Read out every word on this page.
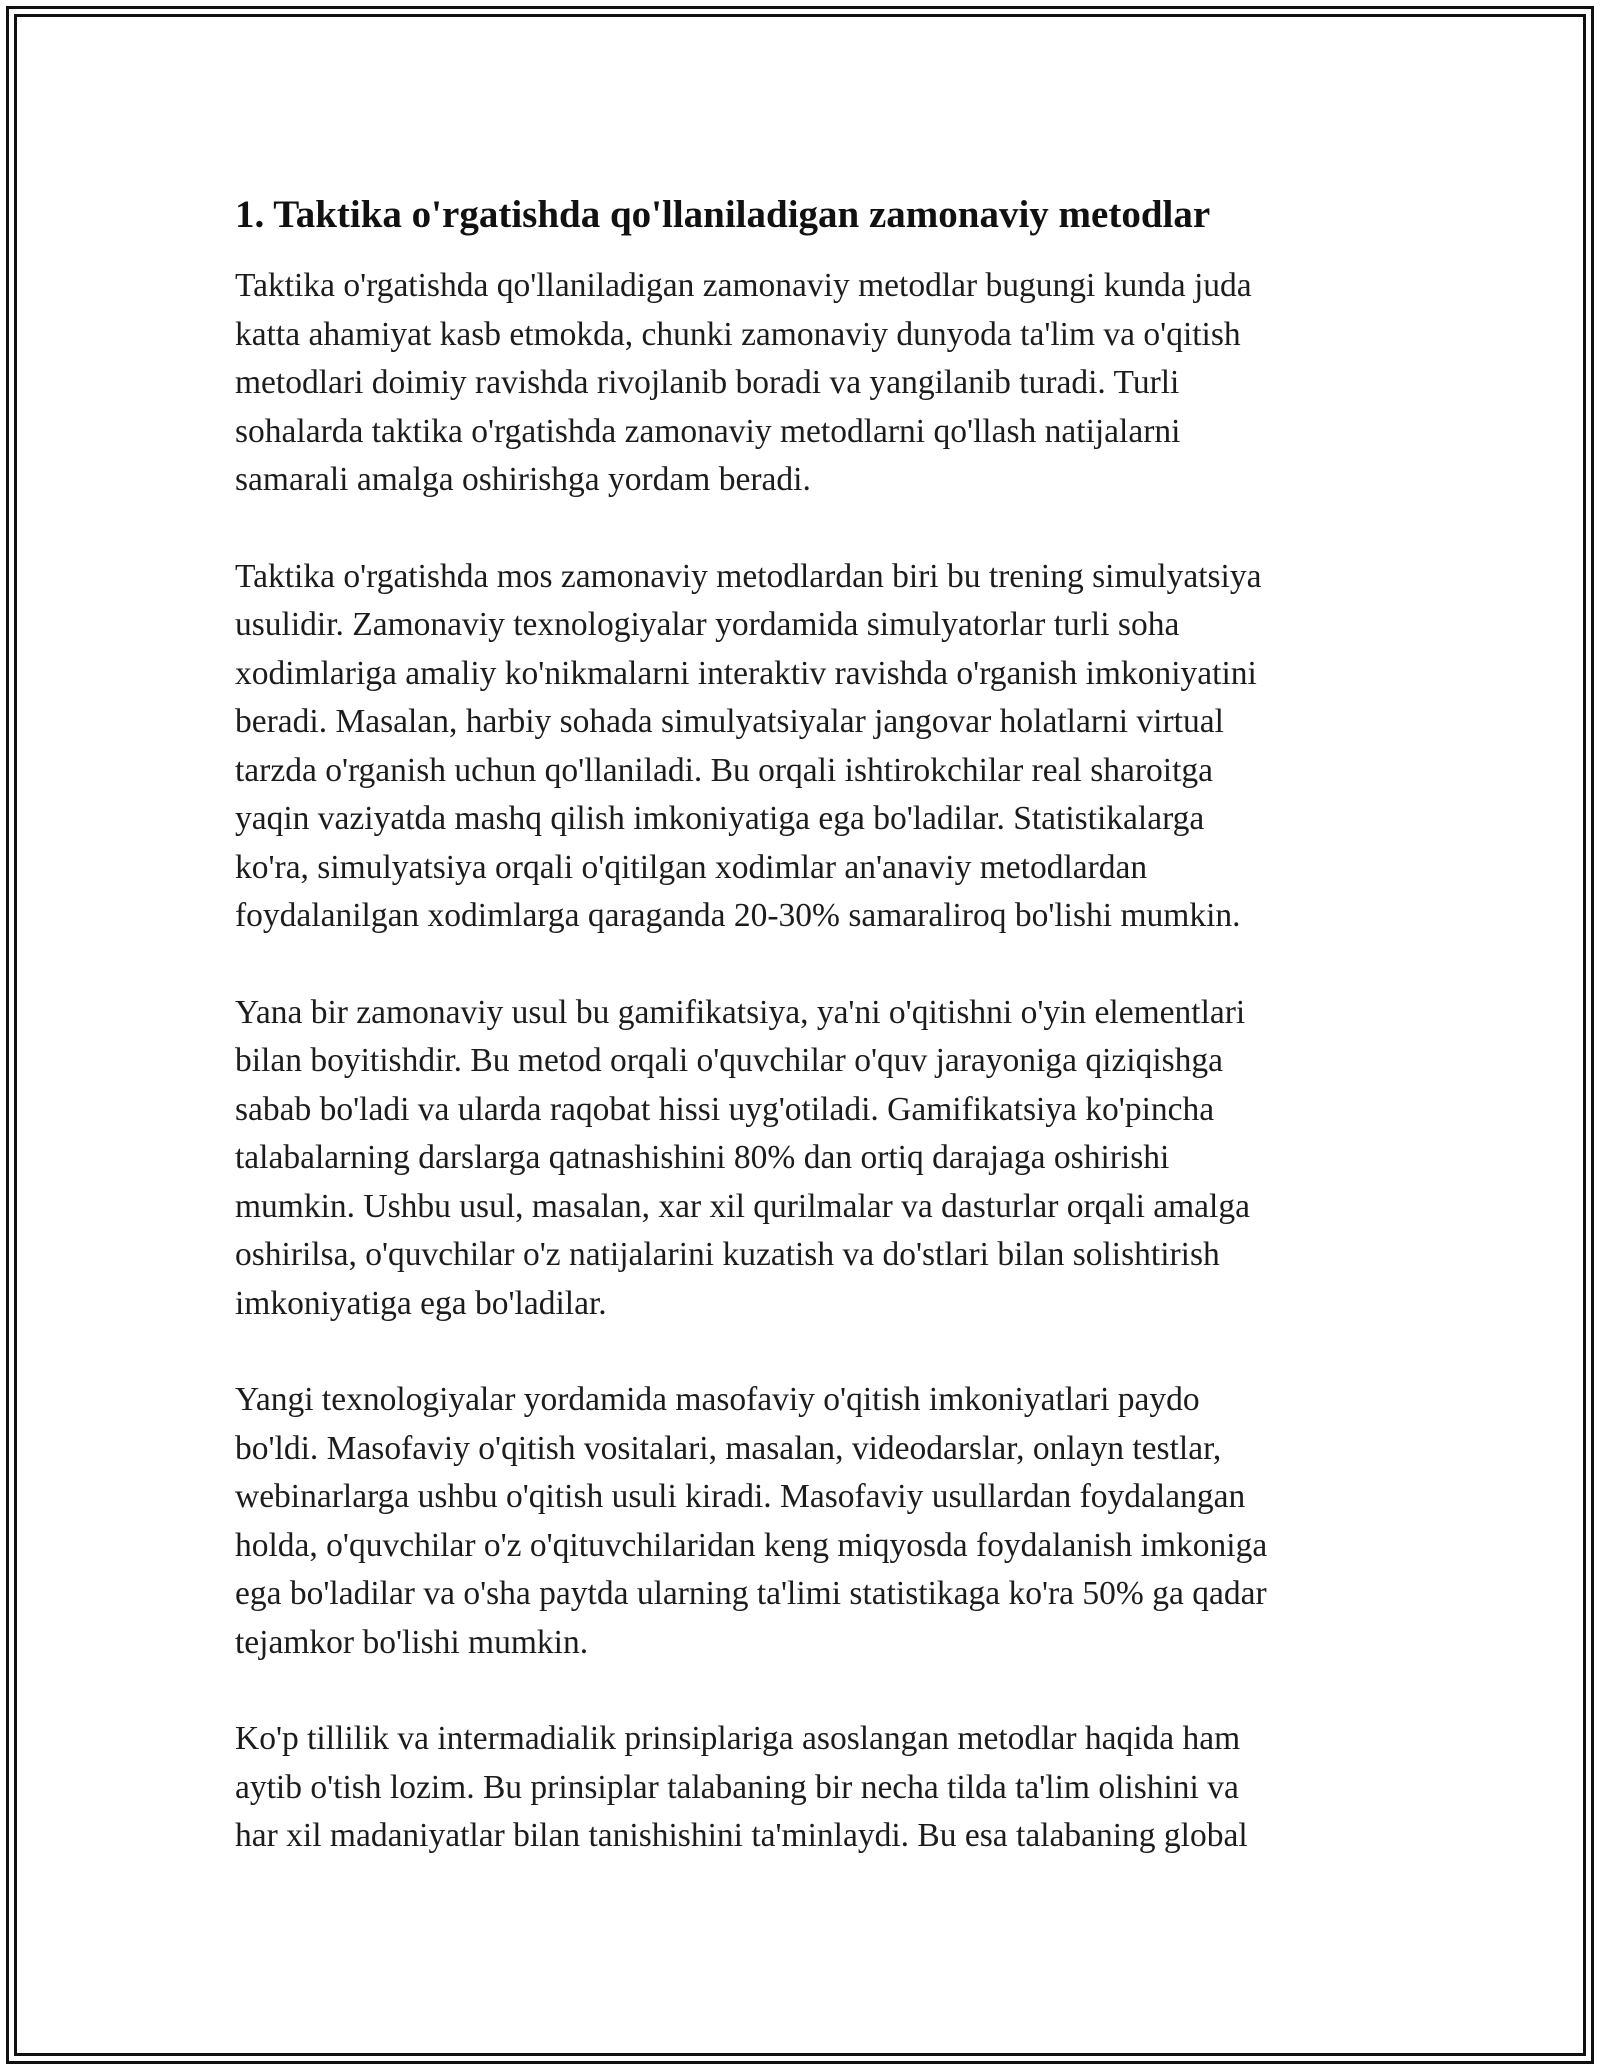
1. Taktika o'rgatishda qo'llaniladigan zamonaviy metodlar

Taktika o'rgatishda qo'llaniladigan zamonaviy metodlar bugungi kunda juda
katta ahamiyat kasb etmokda, chunki zamonaviy dunyoda ta'lim va o'qitish
metodlari doimiy ravishda rivojlanib boradi va yangilanib turadi. Turli
sohalarda taktika o'rgatishda zamonaviy metodlarni qo'llash natijalarni
samarali amalga oshirishga yordam beradi.

Taktika o'rgatishda mos zamonaviy metodlardan biri bu trening simulyatsiya
usulidir. Zamonaviy texnologiyalar yordamida simulyatorlar turli soha
xodimlariga amaliy ko'nikmalarni interaktiv ravishda o'rganish imkoniyatini
beradi. Masalan, harbiy sohada simulyatsiyalar jangovar holatlarni virtual
tarzda o'rganish uchun qo'llaniladi. Bu orqali ishtirokchilar real sharoitga
yaqin vaziyatda mashq qilish imkoniyatiga ega bo'ladilar. Statistikalarga
ko'ra, simulyatsiya orqali o'qitilgan xodimlar an'anaviy metodlardan
foydalanilgan xodimlarga qaraganda 20-30% samaraliroq bo'lishi mumkin.

Yana bir zamonaviy usul bu gamifikatsiya, ya'ni o'qitishni o'yin elementlari
bilan boyitishdir. Bu metod orqali o'quvchilar o'quv jarayoniga qiziqishga
sabab bo'ladi va ularda raqobat hissi uyg'otiladi. Gamifikatsiya ko'pincha
talabalarning darslarga qatnashishini 80% dan ortiq darajaga oshirishi
mumkin. Ushbu usul, masalan, xar xil qurilmalar va dasturlar orqali amalga
oshirilsa, o'quvchilar o'z natijalarini kuzatish va do'stlari bilan solishtirish
imkoniyatiga ega bo'ladilar.

Yangi texnologiyalar yordamida masofaviy o'qitish imkoniyatlari paydo
bo'ldi. Masofaviy o'qitish vositalari, masalan, videodarslar, onlayn testlar,
webinarlarga ushbu o'qitish usuli kiradi. Masofaviy usullardan foydalangan
holda, o'quvchilar o'z o'qituvchilaridan keng miqyosda foydalanish imkoniga
ega bo'ladilar va o'sha paytda ularning ta'limi statistikaga ko'ra 50% ga qadar
tejamkor bo'lishi mumkin.

Ko'p tillilik va intermadialik prinsiplariga asoslangan metodlar haqida ham
aytib o'tish lozim. Bu prinsiplar talabaning bir necha tilda ta'lim olishini va
har xil madaniyatlar bilan tanishishini ta'minlaydi. Bu esa talabaning global
